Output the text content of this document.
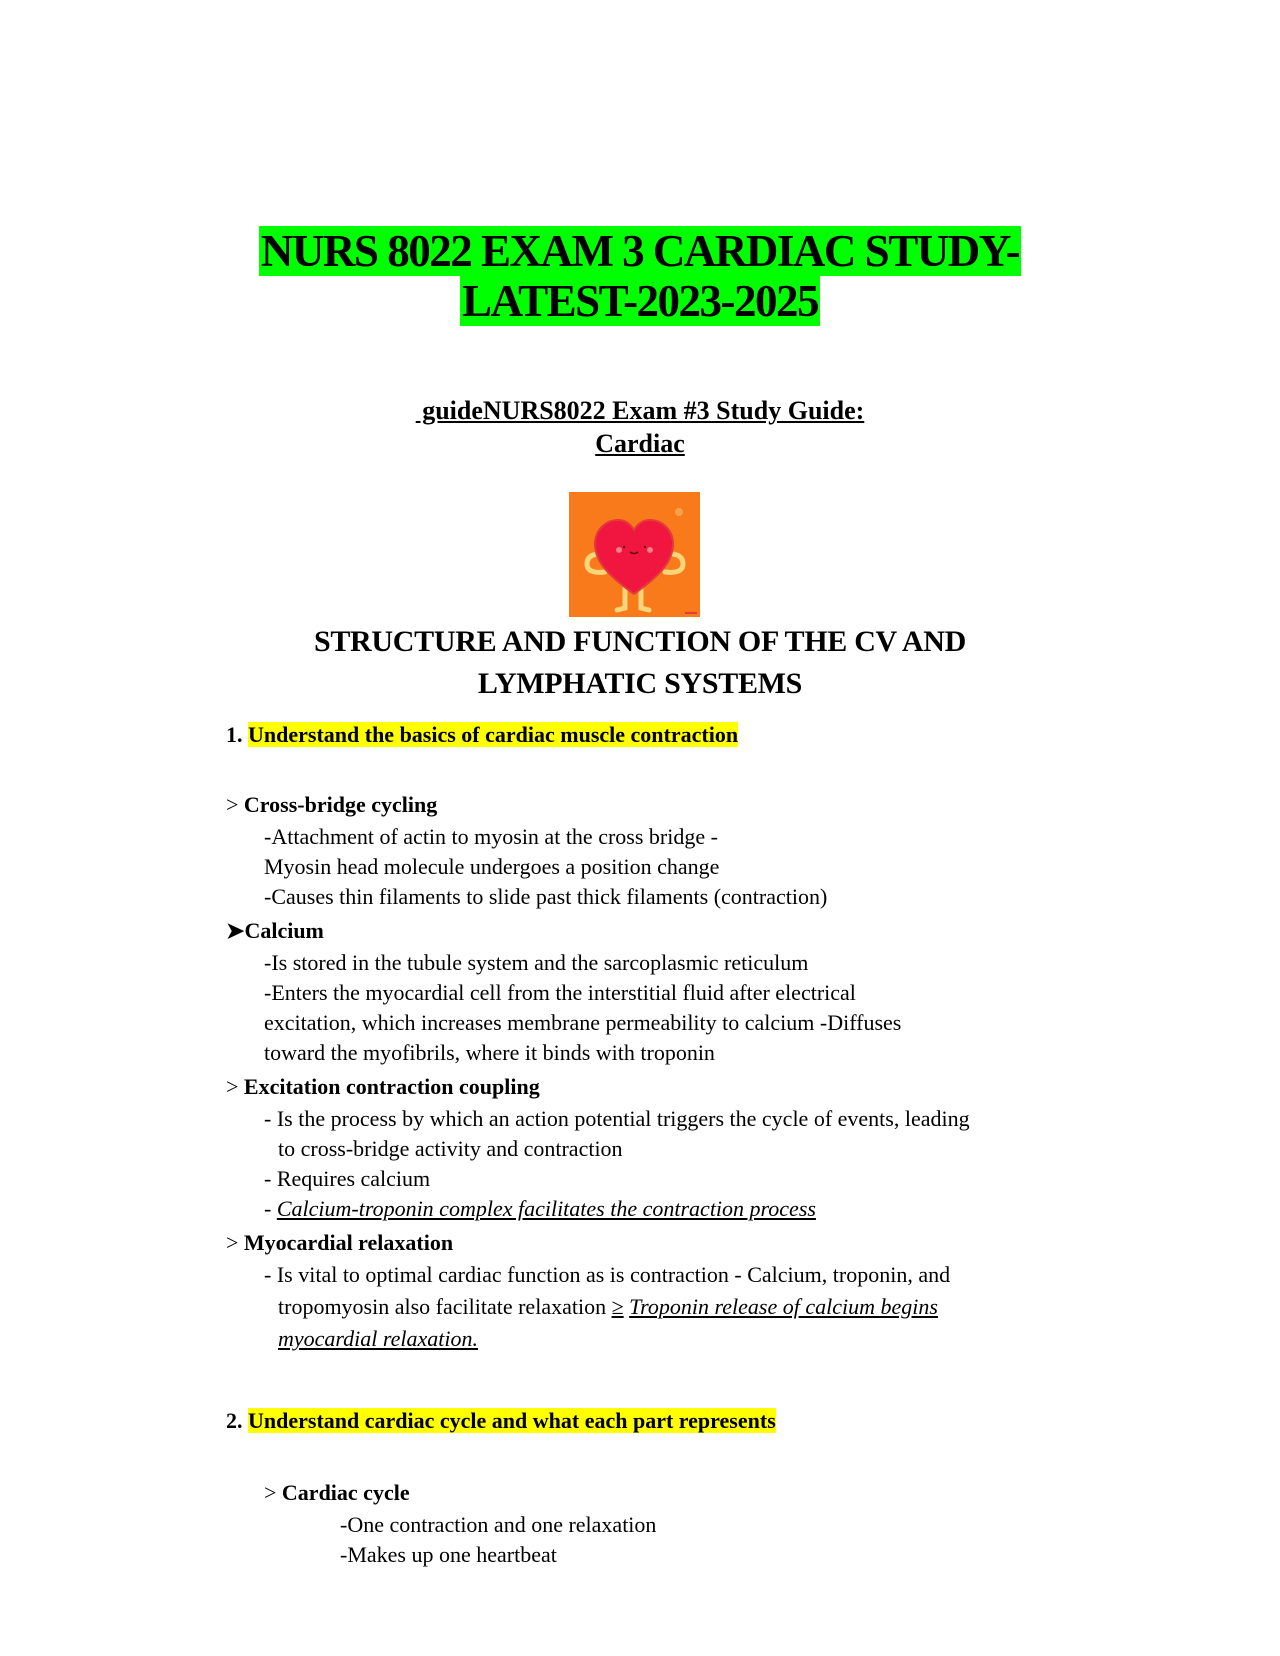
NURS 8022 EXAM 3 CARDIAC STUDY-
LATEST-2023-2025
guideNURS8022 Exam #3 Study Guide:
Cardiac
STRUCTURE AND FUNCTION OF THE CV AND
LYMPHATIC SYSTEMS
1. Understand the basics of cardiac muscle contraction
> Cross-bridge cycling
-Attachment of actin to myosin at the cross bridge -
Myosin head molecule undergoes a position change
-Causes thin filaments to slide past thick filaments (contraction)
➤Calcium
-Is stored in the tubule system and the sarcoplasmic reticulum
-Enters the myocardial cell from the interstitial fluid after electrical
excitation, which increases membrane permeability to calcium -Diffuses
toward the myofibrils, where it binds with troponin
> Excitation contraction coupling
- Is the process by which an action potential triggers the cycle of events, leading
to cross-bridge activity and contraction
- Requires calcium
- Calcium-troponin complex facilitates the contraction process
> Myocardial relaxation
- Is vital to optimal cardiac function as is contraction - Calcium, troponin, and
tropomyosin also facilitate relaxation ≥ Troponin release of calcium begins
myocardial relaxation.
2. Understand cardiac cycle and what each part represents
> Cardiac cycle
-One contraction and one relaxation
-Makes up one heartbeat
